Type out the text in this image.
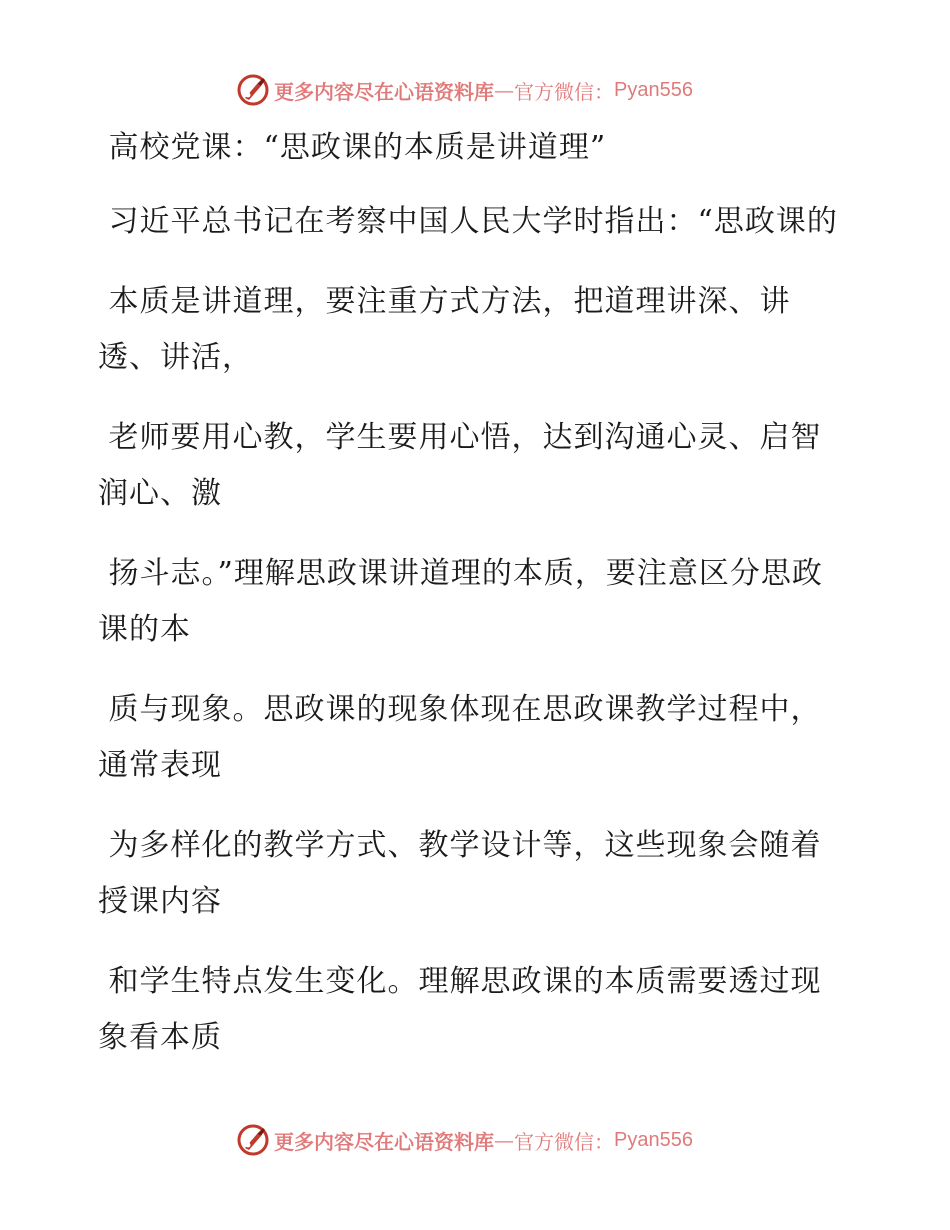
更多内容尽在心语资料库 — 官方微信： Pyan556

高校党课：“思政课的本质是讲道理”

习近平总书记在考察中国人民大学时指出：“思政课的

本质是讲道理，要注重方式方法，把道理讲深、讲透、讲活，

老师要用心教，学生要用心悟，达到沟通心灵、启智润心、激

扬斗志。”理解思政课讲道理的本质，要注意区分思政课的本

质与现象。思政课的现象体现在思政课教学过程中，通常表现

为多样化的教学方式、教学设计等，这些现象会随着授课内容

和学生特点发生变化。理解思政课的本质需要透过现象看本质

更多内容尽在心语资料库 — 官方微信： Pyan556
